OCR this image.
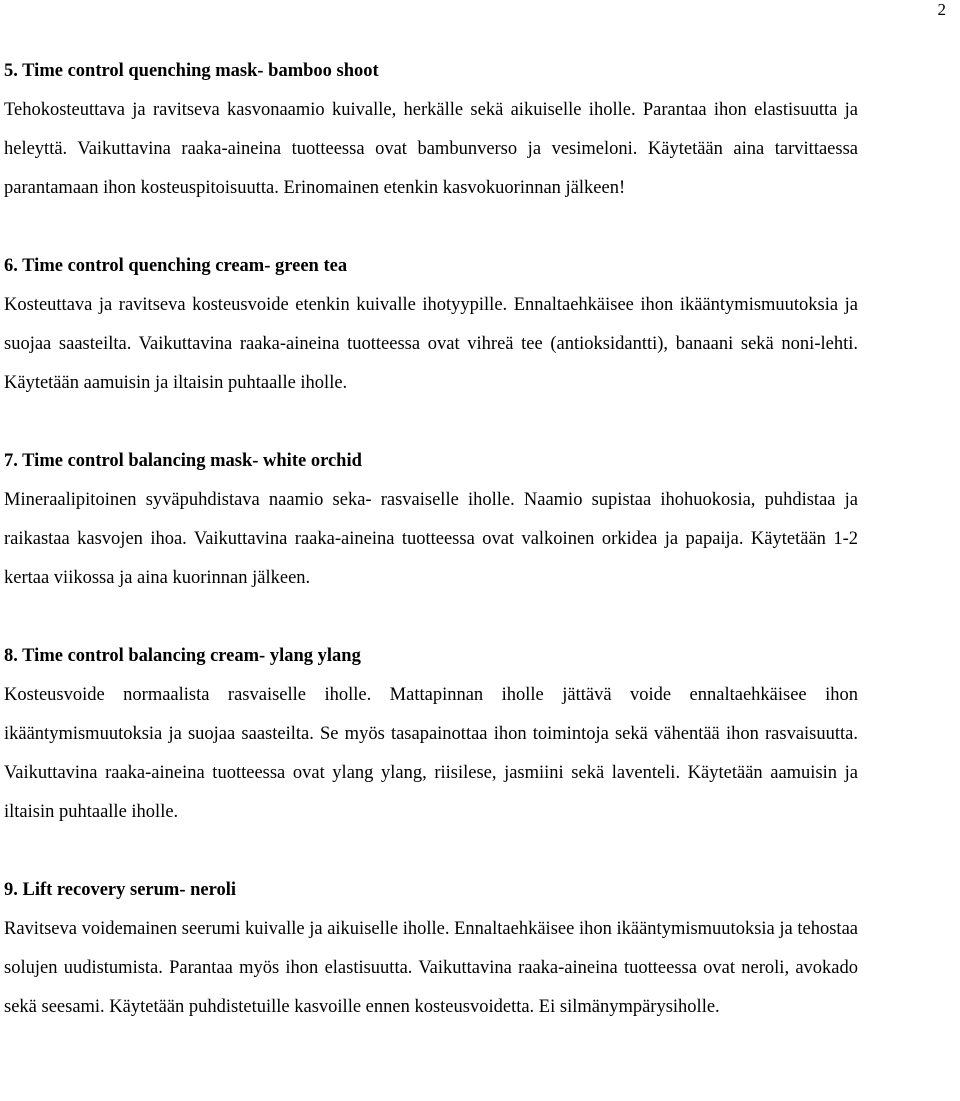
2

5. Time control quenching mask- bamboo shoot

Tehokosteuttava ja ravitseva kasvonaamio kuivalle, herkälle sekä aikuiselle iholle. Parantaa ihon elastisuutta ja heleyttä. Vaikuttavina raaka-aineina tuotteessa ovat bambunverso ja vesimeloni. Käytetään aina tarvittaessa parantamaan ihon kosteuspitoisuutta. Erinomainen etenkin kasvokuorinnan jälkeen!

6. Time control quenching cream- green tea

Kosteuttava ja ravitseva kosteusvoide etenkin kuivalle ihotyypille. Ennaltaehkäisee ihon ikääntymismuutoksia ja suojaa saasteilta. Vaikuttavina raaka-aineina tuotteessa ovat vihreä tee (antioksidantti), banaani sekä noni-lehti. Käytetään aamuisin ja iltaisin puhtaalle iholle.

7. Time control balancing mask- white orchid

Mineraalipitoinen syväpuhdistava naamio seka- rasvaiselle iholle. Naamio supistaa ihohuokosia, puhdistaa ja raikastaa kasvojen ihoa. Vaikuttavina raaka-aineina tuotteessa ovat valkoinen orkidea ja papaija. Käytetään 1-2 kertaa viikossa ja aina kuorinnan jälkeen.

8. Time control balancing cream- ylang ylang

Kosteusvoide normaalista rasvaiselle iholle. Mattapinnan iholle jättävä voide ennaltaehkäisee ihon ikääntymismuutoksia ja suojaa saasteilta. Se myös tasapainottaa ihon toimintoja sekä vähentää ihon rasvaisuutta. Vaikuttavina raaka-aineina tuotteessa ovat ylang ylang, riisilese, jasmiini sekä laventeli. Käytetään aamuisin ja iltaisin puhtaalle iholle.

9. Lift recovery serum- neroli

Ravitseva voidemainen seerumi kuivalle ja aikuiselle iholle. Ennaltaehkäisee ihon ikääntymismuutoksia ja tehostaa solujen uudistumista. Parantaa myös ihon elastisuutta. Vaikuttavina raaka-aineina tuotteessa ovat neroli, avokado sekä seesami. Käytetään puhdistetuille kasvoille ennen kosteusvoidetta. Ei silmänympärysiholle.
